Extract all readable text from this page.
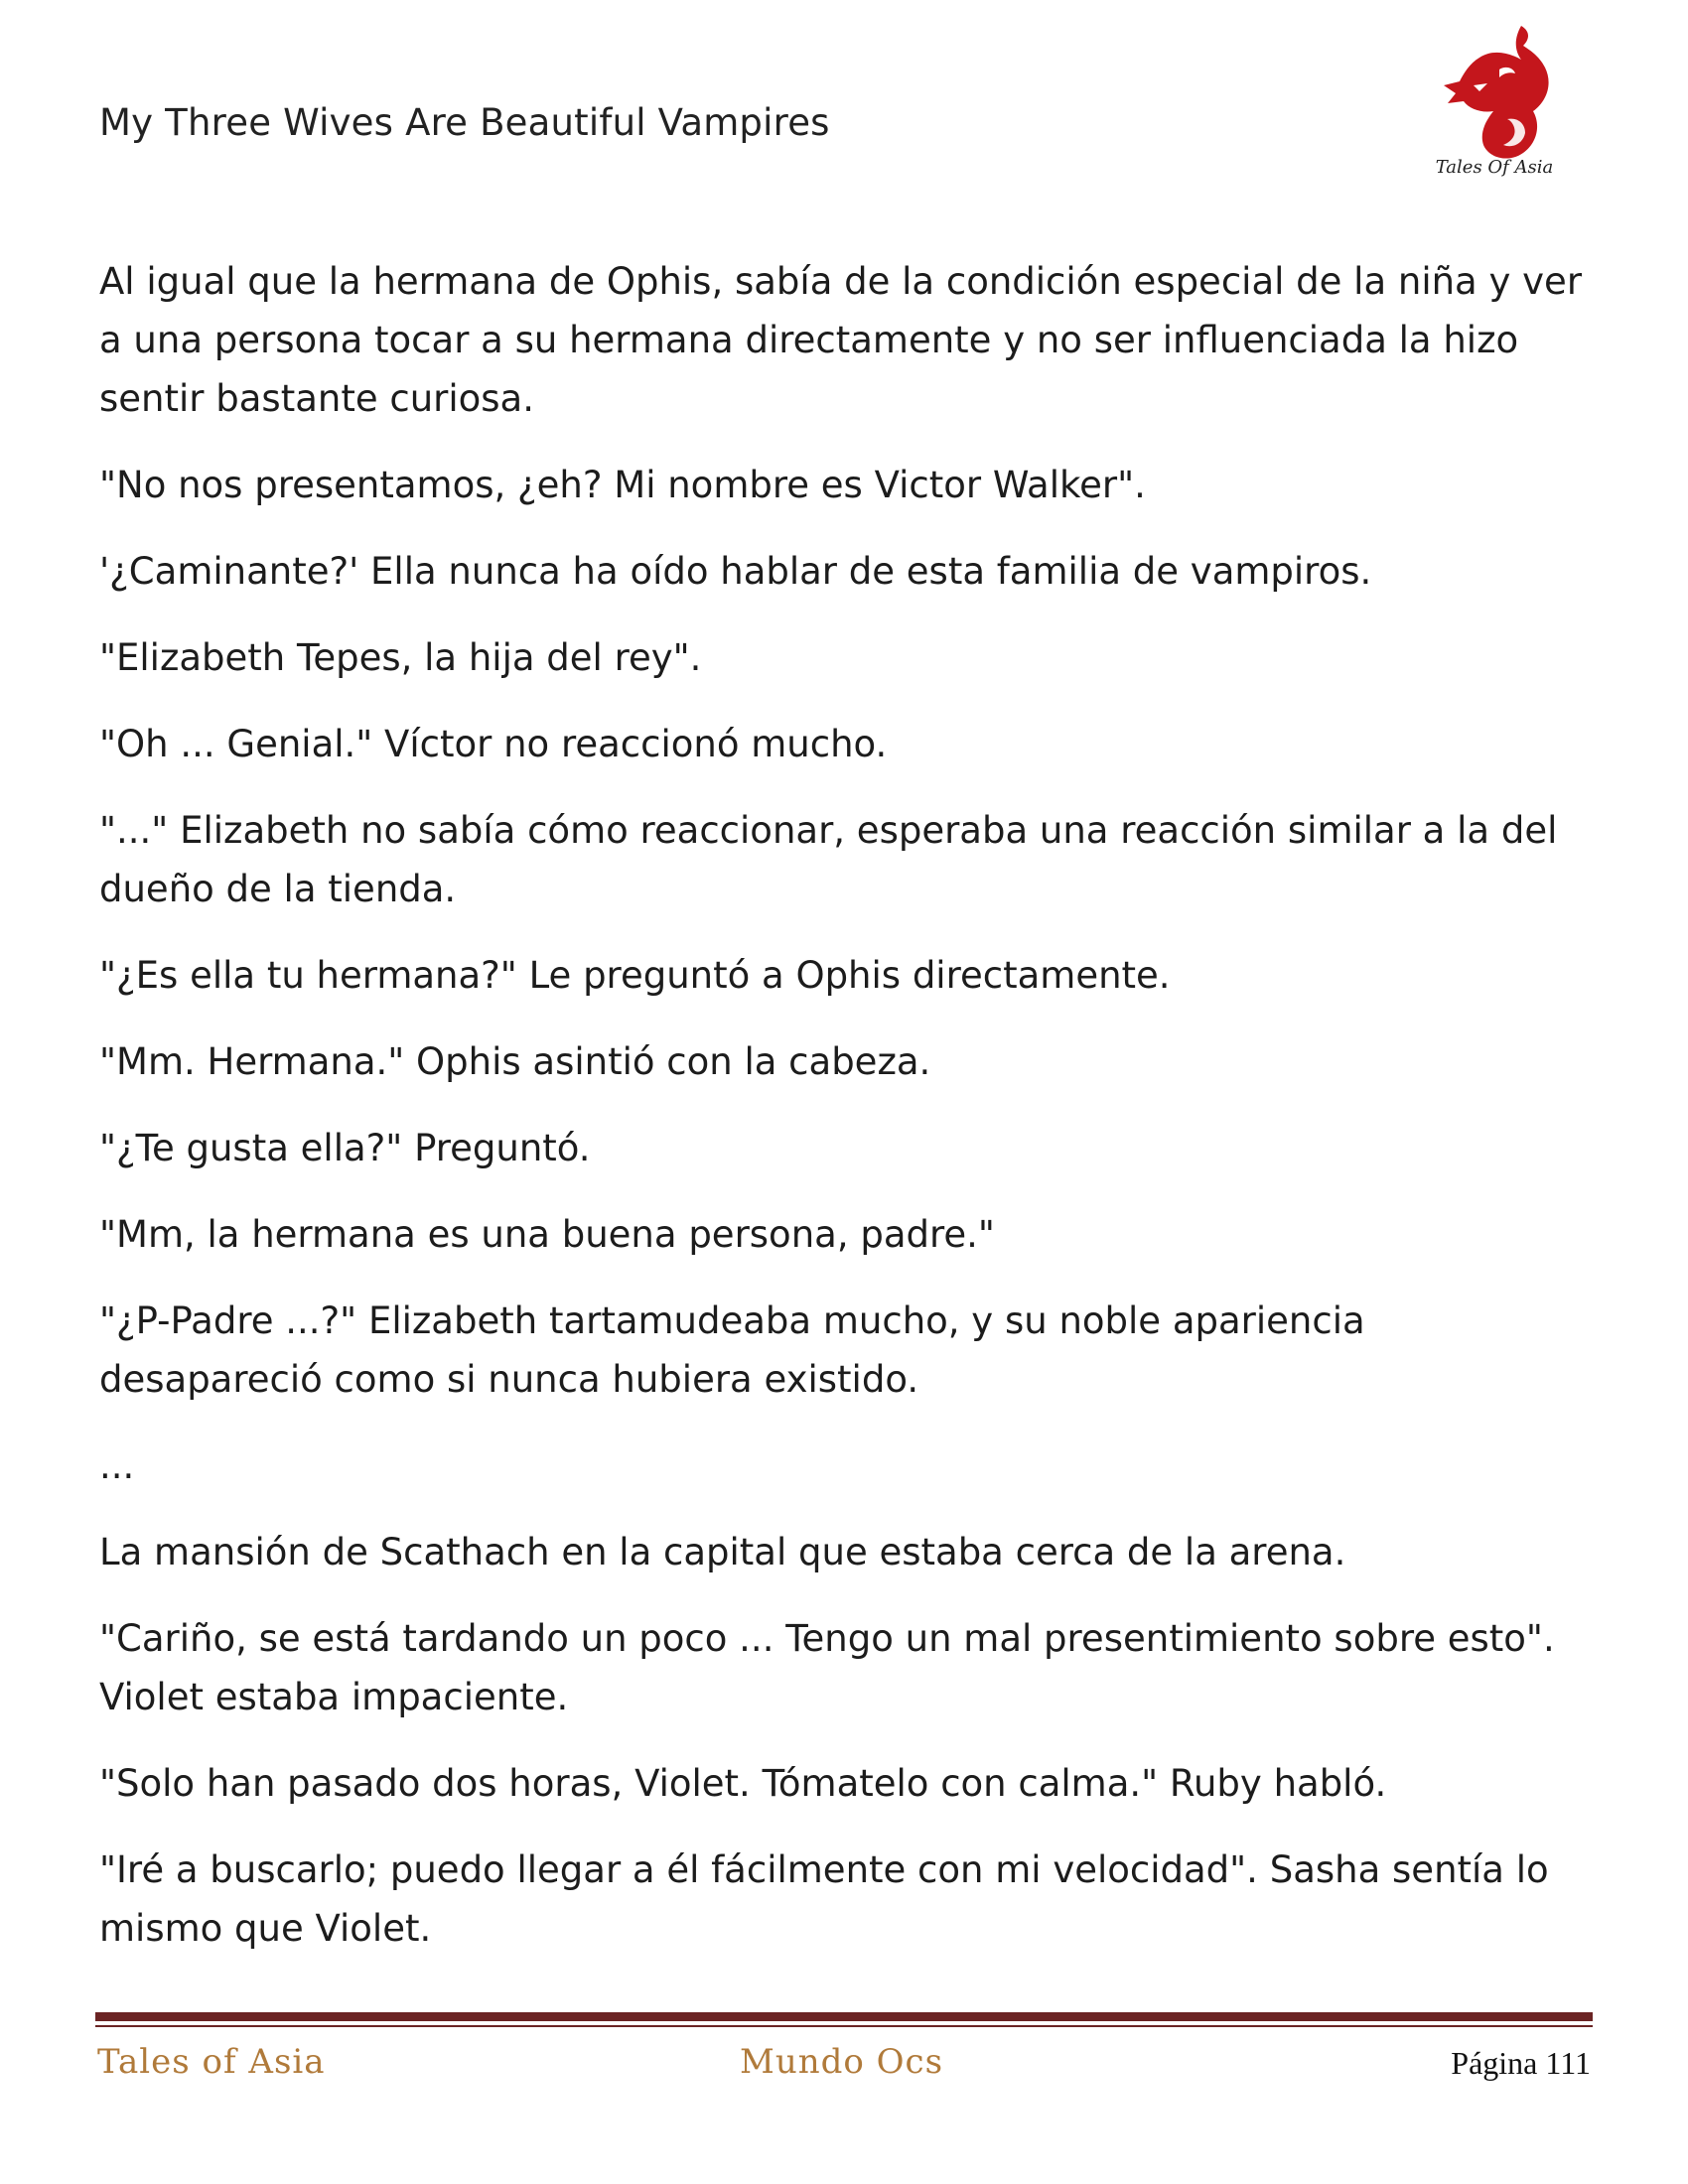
My Three Wives Are Beautiful Vampires
Tales Of Asia

Al igual que la hermana de Ophis, sabía de la condición especial de la niña y ver a una persona tocar a su hermana directamente y no ser influenciada la hizo sentir bastante curiosa.

"No nos presentamos, ¿eh? Mi nombre es Victor Walker".

'¿Caminante?' Ella nunca ha oído hablar de esta familia de vampiros.

"Elizabeth Tepes, la hija del rey".

"Oh ... Genial." Víctor no reaccionó mucho.

"..." Elizabeth no sabía cómo reaccionar, esperaba una reacción similar a la del dueño de la tienda.

"¿Es ella tu hermana?" Le preguntó a Ophis directamente.

"Mm. Hermana." Ophis asintió con la cabeza.

"¿Te gusta ella?" Preguntó.

"Mm, la hermana es una buena persona, padre."

"¿P-Padre ...?" Elizabeth tartamudeaba mucho, y su noble apariencia desapareció como si nunca hubiera existido.

...

La mansión de Scathach en la capital que estaba cerca de la arena.

"Cariño, se está tardando un poco ... Tengo un mal presentimiento sobre esto". Violet estaba impaciente.

"Solo han pasado dos horas, Violet. Tómatelo con calma." Ruby habló.

"Iré a buscarlo; puedo llegar a él fácilmente con mi velocidad". Sasha sentía lo mismo que Violet.

Tales of Asia	Mundo Ocs	Página 111
